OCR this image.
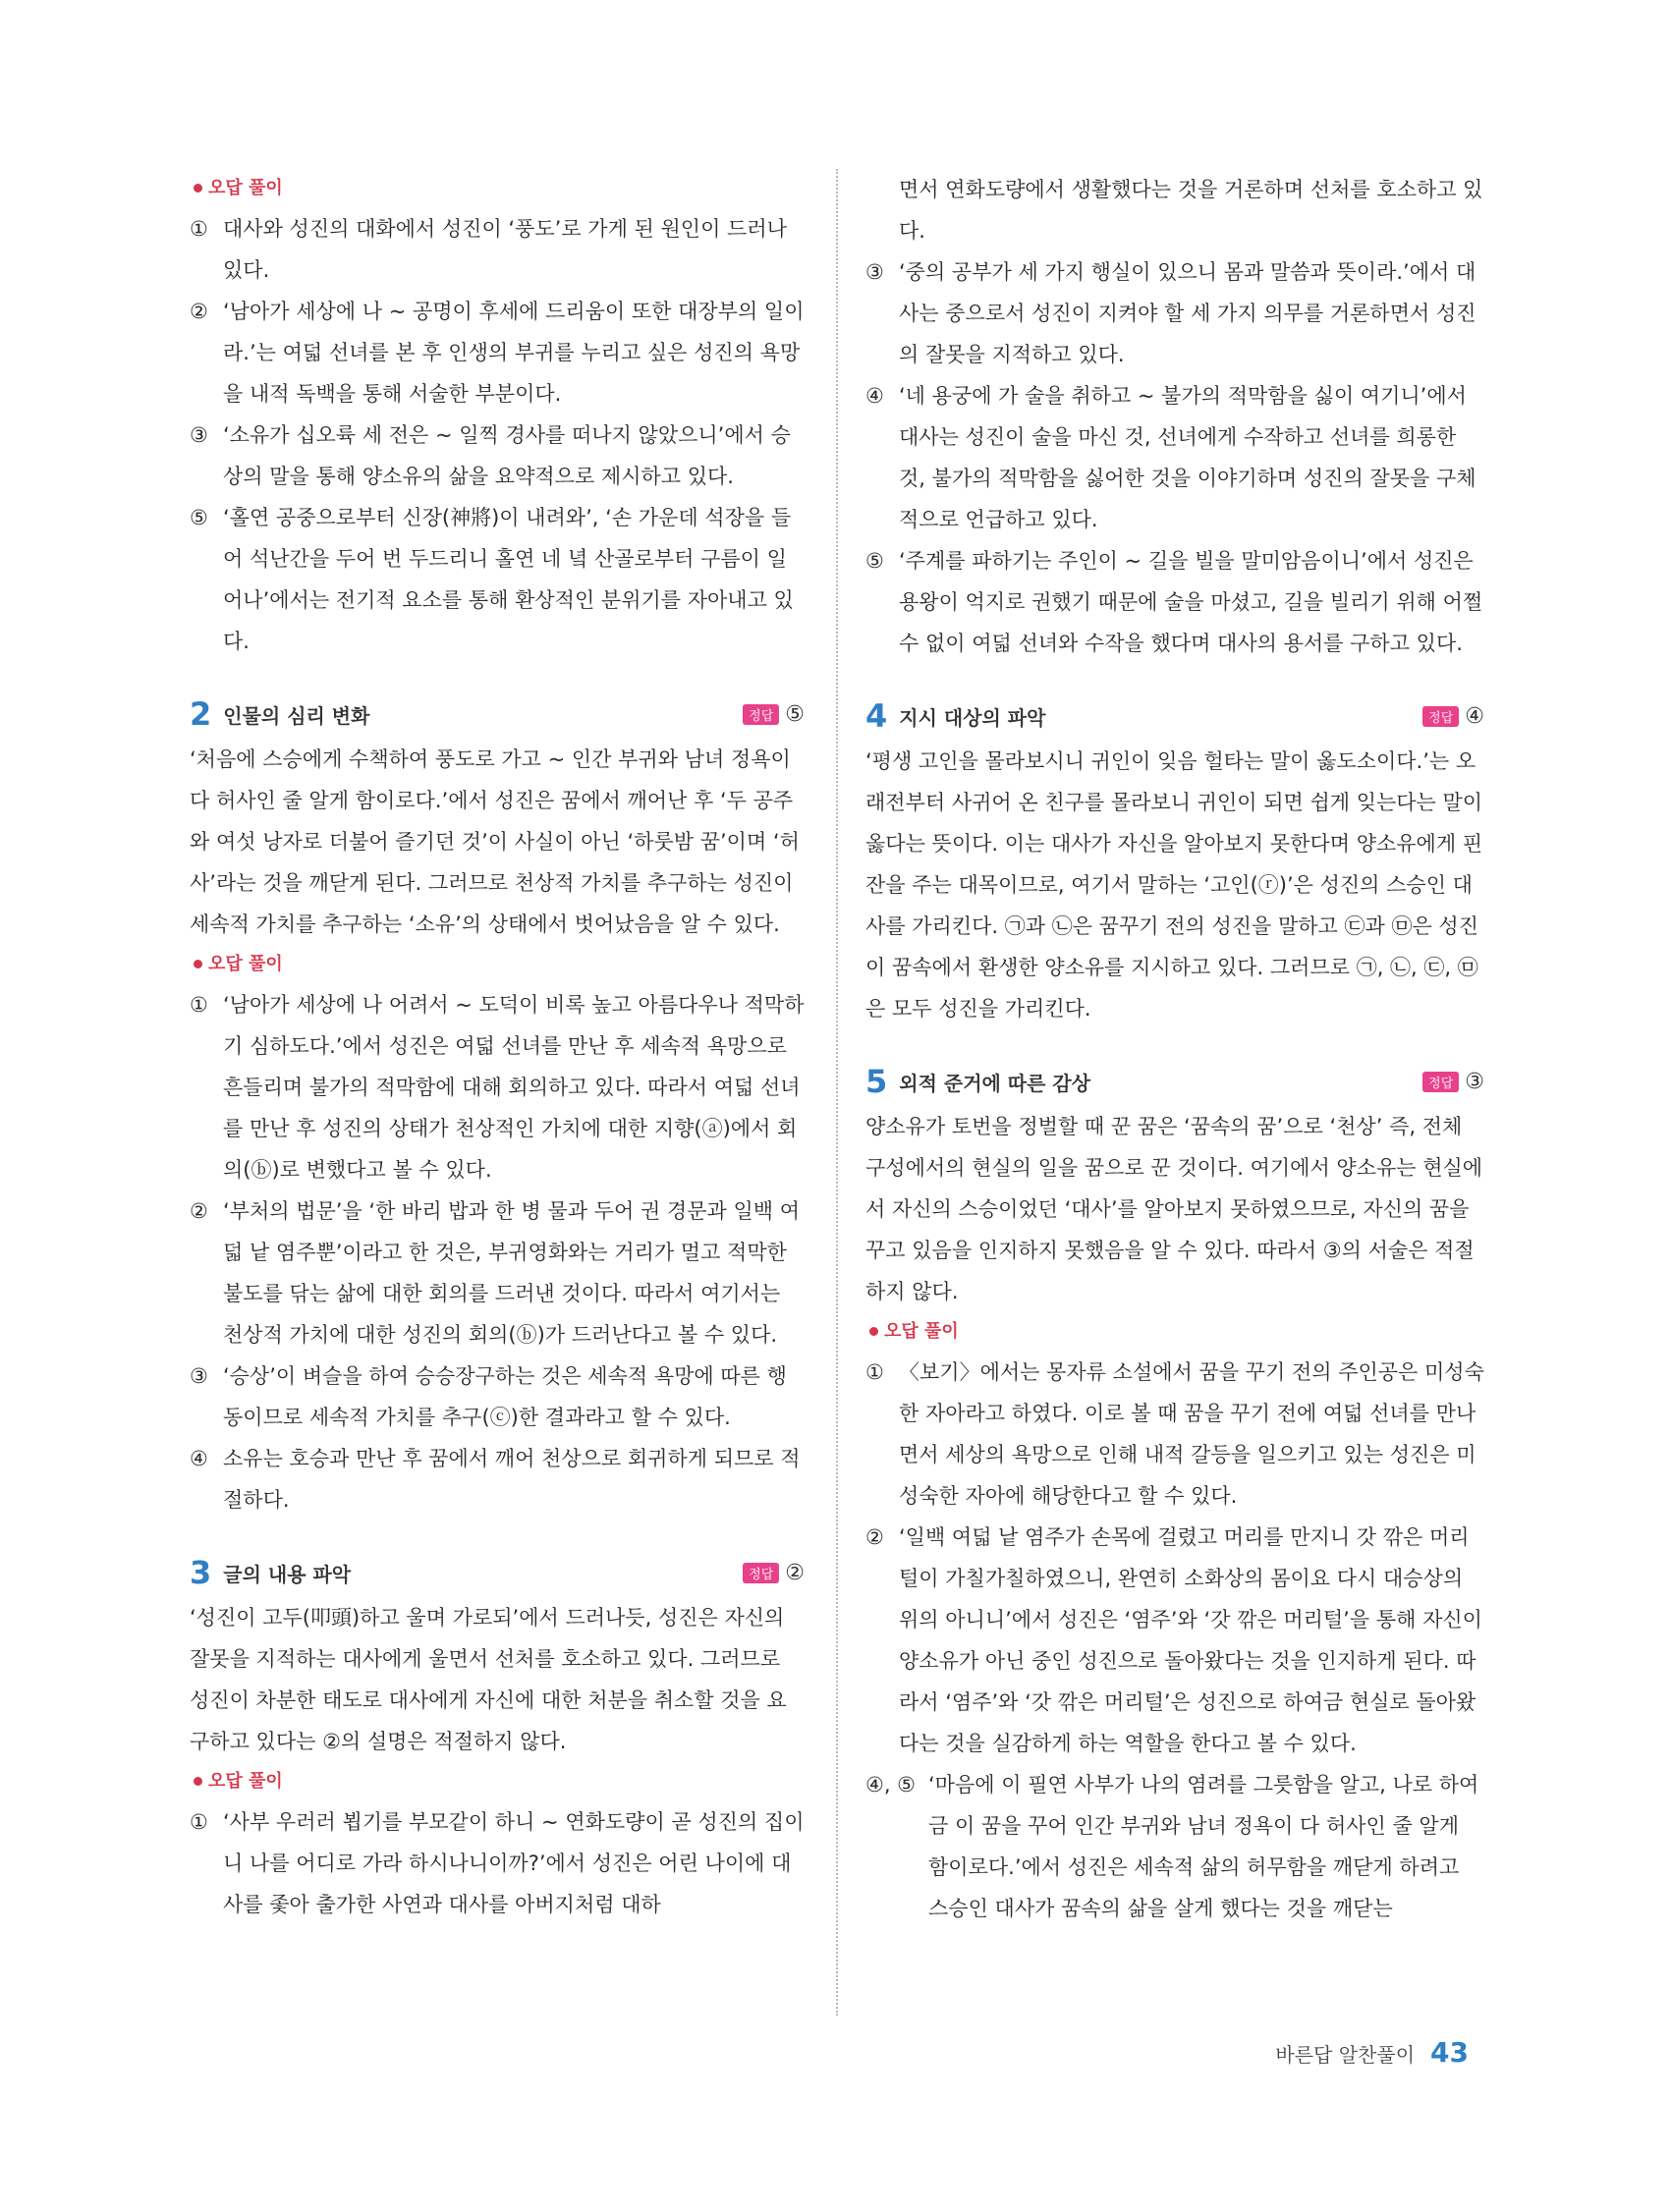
오답 풀이
① 대사와 성진의 대화에서 성진이 ‘풍도’로 가게 된 원인이 드러나 있다.
② ‘남아가 세상에 나 ~ 공명이 후세에 드리움이 또한 대장부의 일이라.’는 여덟 선녀를 본 후 인생의 부귀를 누리고 싶은 성진의 욕망을 내적 독백을 통해 서술한 부분이다.
③ ‘소유가 십오륙 세 전은 ~ 일찍 경사를 떠나지 않았으니’에서 승상의 말을 통해 양소유의 삶을 요약적으로 제시하고 있다.
⑤ ‘홀연 공중으로부터 신장(神將)이 내려와’, ‘손 가운데 석장을 들어 석난간을 두어 번 두드리니 홀연 네 녘 산골로부터 구름이 일어나’에서는 전기적 요소를 통해 환상적인 분위기를 자아내고 있다.
2 인물의 심리 변화	정답 ⑤
‘처음에 스승에게 수책하여 풍도로 가고 ~ 인간 부귀와 남녀 정욕이 다 허사인 줄 알게 함이로다.’에서 성진은 꿈에서 깨어난 후 ‘두 공주와 여섯 낭자로 더불어 즐기던 것’이 사실이 아닌 ‘하룻밤 꿈’이며 ‘허사’라는 것을 깨닫게 된다. 그러므로 천상적 가치를 추구하는 성진이 세속적 가치를 추구하는 ‘소유’의 상태에서 벗어났음을 알 수 있다.
오답 풀이
① ‘남아가 세상에 나 어려서 ~ 도덕이 비록 높고 아름다우나 적막하기 심하도다.’에서 성진은 여덟 선녀를 만난 후 세속적 욕망으로 흔들리며 불가의 적막함에 대해 회의하고 있다. 따라서 여덟 선녀를 만난 후 성진의 상태가 천상적인 가치에 대한 지향(ⓐ)에서 회의(ⓑ)로 변했다고 볼 수 있다.
② ‘부처의 법문’을 ‘한 바리 밥과 한 병 물과 두어 권 경문과 일백 여덟 낱 염주뿐’이라고 한 것은, 부귀영화와는 거리가 멀고 적막한 불도를 닦는 삶에 대한 회의를 드러낸 것이다. 따라서 여기서는 천상적 가치에 대한 성진의 회의(ⓑ)가 드러난다고 볼 수 있다.
③ ‘승상’이 벼슬을 하여 승승장구하는 것은 세속적 욕망에 따른 행동이므로 세속적 가치를 추구(ⓒ)한 결과라고 할 수 있다.
④ 소유는 호승과 만난 후 꿈에서 깨어 천상으로 회귀하게 되므로 적절하다.
3 글의 내용 파악	정답 ②
‘성진이 고두(叩頭)하고 울며 가로되’에서 드러나듯, 성진은 자신의 잘못을 지적하는 대사에게 울면서 선처를 호소하고 있다. 그러므로 성진이 차분한 태도로 대사에게 자신에 대한 처분을 취소할 것을 요구하고 있다는 ②의 설명은 적절하지 않다.
오답 풀이
① ‘사부 우러러 뵙기를 부모같이 하니 ~ 연화도량이 곧 성진의 집이니 나를 어디로 가라 하시나니이까?’에서 성진은 어린 나이에 대사를 좇아 출가한 사연과 대사를 아버지처럼 대하
면서 연화도량에서 생활했다는 것을 거론하며 선처를 호소하고 있다.
③ ‘중의 공부가 세 가지 행실이 있으니 몸과 말씀과 뜻이라.’에서 대사는 중으로서 성진이 지켜야 할 세 가지 의무를 거론하면서 성진의 잘못을 지적하고 있다.
④ ‘네 용궁에 가 술을 취하고 ~ 불가의 적막함을 싫이 여기니’에서 대사는 성진이 술을 마신 것, 선녀에게 수작하고 선녀를 희롱한 것, 불가의 적막함을 싫어한 것을 이야기하며 성진의 잘못을 구체적으로 언급하고 있다.
⑤ ‘주계를 파하기는 주인이 ~ 길을 빌을 말미암음이니’에서 성진은 용왕이 억지로 권했기 때문에 술을 마셨고, 길을 빌리기 위해 어쩔 수 없이 여덟 선녀와 수작을 했다며 대사의 용서를 구하고 있다.
4 지시 대상의 파악	정답 ④
‘평생 고인을 몰라보시니 귀인이 잊음 헐타는 말이 옳도소이다.’는 오래전부터 사귀어 온 친구를 몰라보니 귀인이 되면 쉽게 잊는다는 말이 옳다는 뜻이다. 이는 대사가 자신을 알아보지 못한다며 양소유에게 핀잔을 주는 대목이므로, 여기서 말하는 ‘고인(ⓡ)’은 성진의 스승인 대사를 가리킨다. ㉠과 ㉡은 꿈꾸기 전의 성진을 말하고 ㉢과 ㉤은 성진이 꿈속에서 환생한 양소유를 지시하고 있다. 그러므로 ㉠, ㉡, ㉢, ㉤은 모두 성진을 가리킨다.
5 외적 준거에 따른 감상	정답 ③
양소유가 토번을 정벌할 때 꾼 꿈은 ‘꿈속의 꿈’으로 ‘천상’ 즉, 전체 구성에서의 현실의 일을 꿈으로 꾼 것이다. 여기에서 양소유는 현실에서 자신의 스승이었던 ‘대사’를 알아보지 못하였으므로, 자신의 꿈을 꾸고 있음을 인지하지 못했음을 알 수 있다. 따라서 ③의 서술은 적절하지 않다.
오답 풀이
① 〈보기〉에서는 몽자류 소설에서 꿈을 꾸기 전의 주인공은 미성숙한 자아라고 하였다. 이로 볼 때 꿈을 꾸기 전에 여덟 선녀를 만나면서 세상의 욕망으로 인해 내적 갈등을 일으키고 있는 성진은 미성숙한 자아에 해당한다고 할 수 있다.
② ‘일백 여덟 낱 염주가 손목에 걸렸고 머리를 만지니 갓 깎은 머리털이 가칠가칠하였으니, 완연히 소화상의 몸이요 다시 대승상의 위의 아니니’에서 성진은 ‘염주’와 ‘갓 깎은 머리털’을 통해 자신이 양소유가 아닌 중인 성진으로 돌아왔다는 것을 인지하게 된다. 따라서 ‘염주’와 ‘갓 깎은 머리털’은 성진으로 하여금 현실로 돌아왔다는 것을 실감하게 하는 역할을 한다고 볼 수 있다.
④, ⑤ ‘마음에 이 필연 사부가 나의 염려를 그릇함을 알고, 나로 하여금 이 꿈을 꾸어 인간 부귀와 남녀 정욕이 다 허사인 줄 알게 함이로다.’에서 성진은 세속적 삶의 허무함을 깨닫게 하려고 스승인 대사가 꿈속의 삶을 살게 했다는 것을 깨닫는
바른답 알찬풀이 43
